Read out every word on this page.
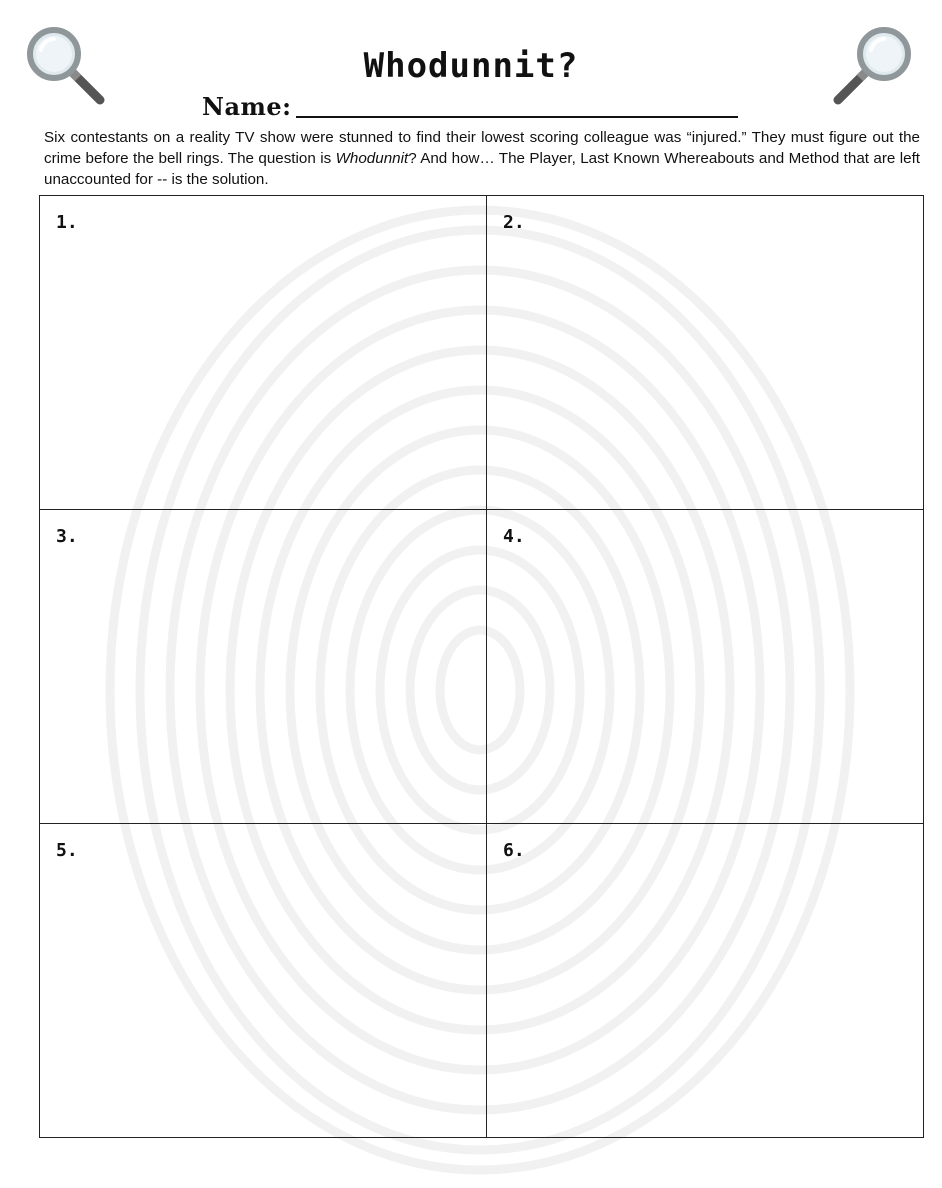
Whodunnit?
Name:

Six contestants on a reality TV show were stunned to find their lowest scoring colleague was “injured.” They must figure out the crime before the bell rings. The question is Whodunnit? And how… The Player, Last Known Whereabouts and Method that are left unaccounted for -- is the solution.

1.	2.
3.	4.
5.	6.
